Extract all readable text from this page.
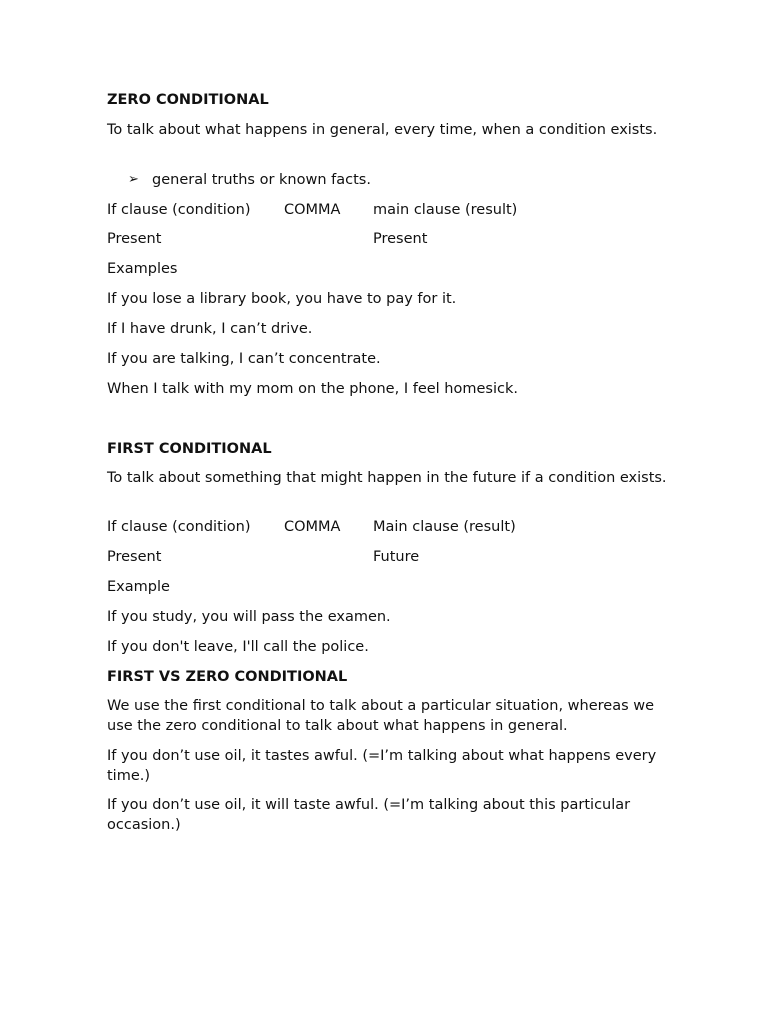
ZERO CONDITIONAL

To talk about what happens in general, every time, when a condition exists.

➢ general truths or known facts.
If clause (condition) COMMA main clause (result)
Present	Present

Examples

If you lose a library book, you have to pay for it.

If I have drunk, I can’t drive.

If you are talking, I can’t concentrate.

When I talk with my mom on the phone, I feel homesick.

FIRST CONDITIONAL

To talk about something that might happen in the future if a condition exists.

If clause (condition) COMMA Main clause (result)
Present	Future

Example

If you study, you will pass the examen.

If you don't leave, I'll call the police.

FIRST VS ZERO CONDITIONAL

We use the first conditional to talk about a particular situation, whereas we use the zero conditional to talk about what happens in general.

If you don’t use oil, it tastes awful. (=I’m talking about what happens every time.)

If you don’t use oil, it will taste awful. (=I’m talking about this particular occasion.)
